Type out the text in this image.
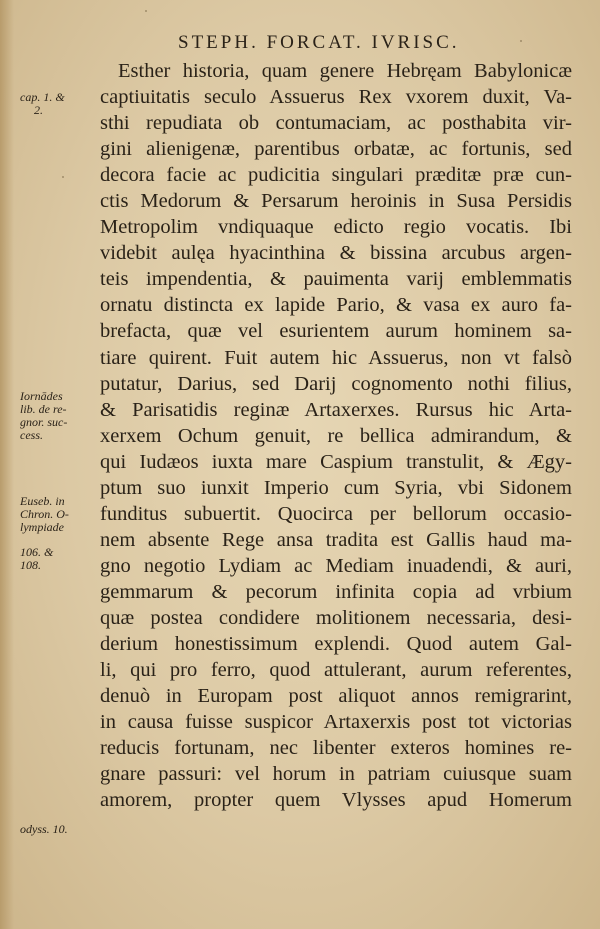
STEPH. FORCAT. IVRISC.
cap. 1. &
2.
Iornādes
lib. de re-
gnor. suc-
cess.
Euseb. in
Chron. O-
lympiade
106. &
108.
odyss. 10.
Esther historia, quam genere Hebręam Babylonicæ
captiuitatis seculo Assuerus Rex vxorem duxit, Va-
sthi repudiata ob contumaciam, ac posthabita vir-
gini alienigenæ, parentibus orbatæ, ac fortunis, sed
decora facie ac pudicitia singulari præditæ præ cun-
ctis Medorum & Persarum heroinis in Susa Persidis
Metropolim vndiquaque edicto regio vocatis. Ibi
videbit aulęa hyacinthina & bissina arcubus argen-
teis impendentia, & pauimenta varij emblemmatis
ornatu distincta ex lapide Pario, & vasa ex auro fa-
brefacta, quæ vel esurientem aurum hominem sa-
tiare quirent. Fuit autem hic Assuerus, non vt falsò
putatur, Darius, sed Darij cognomento nothi filius,
& Parisatidis reginæ Artaxerxes. Rursus hic Arta-
xerxem Ochum genuit, re bellica admirandum, &
qui Iudæos iuxta mare Caspium transtulit, & Ægy-
ptum suo iunxit Imperio cum Syria, vbi Sidonem
funditus subuertit. Quocirca per bellorum occasio-
nem absente Rege ansa tradita est Gallis haud ma-
gno negotio Lydiam ac Mediam inuadendi, & auri,
gemmarum & pecorum infinita copia ad vrbium
quæ postea condidere molitionem necessaria, desi-
derium honestissimum explendi. Quod autem Gal-
li, qui pro ferro, quod attulerant, aurum referentes,
denuò in Europam post aliquot annos remigrarint,
in causa fuisse suspicor Artaxerxis post tot victorias
reducis fortunam, nec libenter exteros homines re-
gnare passuri: vel horum in patriam cuiusque suam
amorem, propter quem Vlysses apud Homerum
